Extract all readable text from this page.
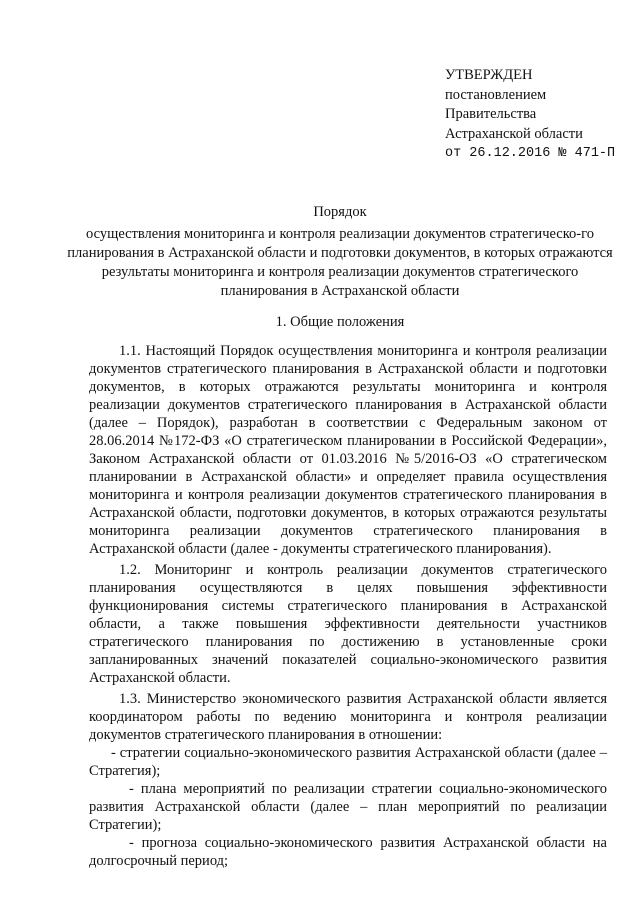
УТВЕРЖДЕН
постановлением
Правительства
Астраханской области
от 26.12.2016 № 471-П
Порядок
осуществления мониторинга и контроля реализации документов стратегическо-го планирования в Астраханской области и подготовки документов, в которых отражаются результаты мониторинга и контроля реализации документов стратегического планирования в Астраханской области
1. Общие положения

1.1. Настоящий Порядок осуществления мониторинга и контроля реализации документов стратегического планирования в Астраханской области и подготовки документов, в которых отражаются результаты мониторинга и контроля реализации документов стратегического планирования в Астраханской области (далее – Порядок), разработан в соответствии с Федеральным законом от 28.06.2014 №172-ФЗ «О стратегическом планировании в Российской Федерации», Законом Астраханской области от 01.03.2016 №5/2016-ОЗ «О стратегическом планировании в Астраханской области» и определяет правила осуществления мониторинга и контроля реализации документов стратегического планирования в Астраханской области, подготовки документов, в которых отражаются результаты мониторинга реализации документов стратегического планирования в Астраханской области (далее - документы стратегического планирования).

1.2. Мониторинг и контроль реализации документов стратегического планирования осуществляются в целях повышения эффективности функционирования системы стратегического планирования в Астраханской области, а также повышения эффективности деятельности участников стратегического планирования по достижению в установленные сроки запланированных значений показателей социально-экономического развития Астраханской области.

1.3. Министерство экономического развития Астраханской области является координатором работы по ведению мониторинга и контроля реализации документов стратегического планирования в отношении:

- стратегии социально-экономического развития Астраханской области (далее – Стратегия);

- плана мероприятий по реализации стратегии социально-экономического развития Астраханской области (далее – план мероприятий по реализации Стратегии);

- прогноза социально-экономического развития Астраханской области на долгосрочный период;
